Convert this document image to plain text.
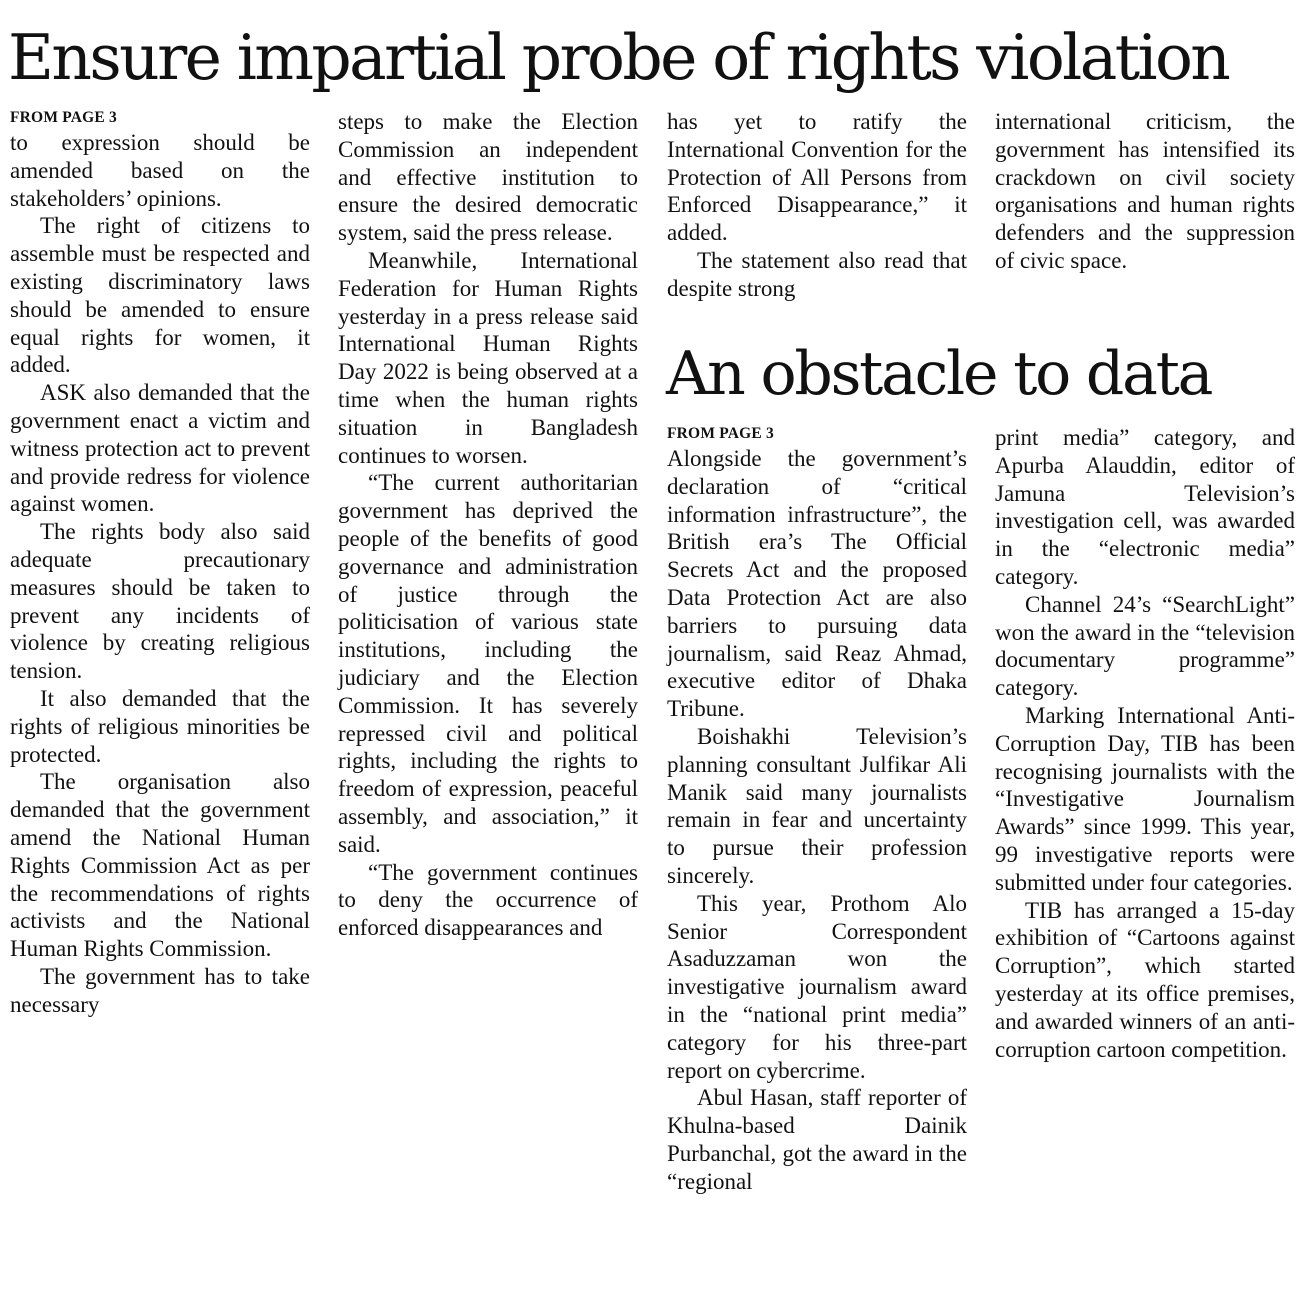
Ensure impartial probe of rights violation
FROM PAGE 3

to expression should be amended based on the stakeholders’ opinions.

The right of citizens to assemble must be respected and existing discriminatory laws should be amended to ensure equal rights for women, it added.

ASK also demanded that the government enact a victim and witness protection act to prevent and provide redress for violence against women.

The rights body also said adequate precautionary measures should be taken to prevent any incidents of violence by creating religious tension.

It also demanded that the rights of religious minorities be protected.

The organisation also demanded that the government amend the National Human Rights Commission Act as per the recommendations of rights activists and the National Human Rights Commission.

The government has to take necessary

steps to make the Election Commission an independent and effective institution to ensure the desired democratic system, said the press release.

Meanwhile, International Federation for Human Rights yesterday in a press release said International Human Rights Day 2022 is being observed at a time when the human rights situation in Bangladesh continues to worsen.

“The current authoritarian government has deprived the people of the benefits of good governance and administration of justice through the politicisation of various state institutions, including the judiciary and the Election Commission. It has severely repressed civil and political rights, including the rights to freedom of expression, peaceful assembly, and association,” it said.

“The government continues to deny the occurrence of enforced disappearances and

has yet to ratify the International Convention for the Protection of All Persons from Enforced Disappearance,” it added.

The statement also read that despite strong

international criticism, the government has intensified its crackdown on civil society organisations and human rights defenders and the suppression of civic space.

An obstacle to data
FROM PAGE 3

Alongside the government’s declaration of “critical information infrastructure”, the British era’s The Official Secrets Act and the proposed Data Protection Act are also barriers to pursuing data journalism, said Reaz Ahmad, executive editor of Dhaka Tribune.

Boishakhi Television’s planning consultant Julfikar Ali Manik said many journalists remain in fear and uncertainty to pursue their profession sincerely.

This year, Prothom Alo Senior Correspondent Asaduzzaman won the investigative journalism award in the “national print media” category for his three-part report on cybercrime.

Abul Hasan, staff reporter of Khulna-based Dainik Purbanchal, got the award in the “regional

print media” category, and Apurba Alauddin, editor of Jamuna Television’s investigation cell, was awarded in the “electronic media” category.

Channel 24’s “SearchLight” won the award in the “television documentary programme” category.

Marking International Anti-Corruption Day, TIB has been recognising journalists with the “Investigative Journalism Awards” since 1999. This year, 99 investigative reports were submitted under four categories.

TIB has arranged a 15-day exhibition of “Cartoons against Corruption”, which started yesterday at its office premises, and awarded winners of an anti-corruption cartoon competition.
